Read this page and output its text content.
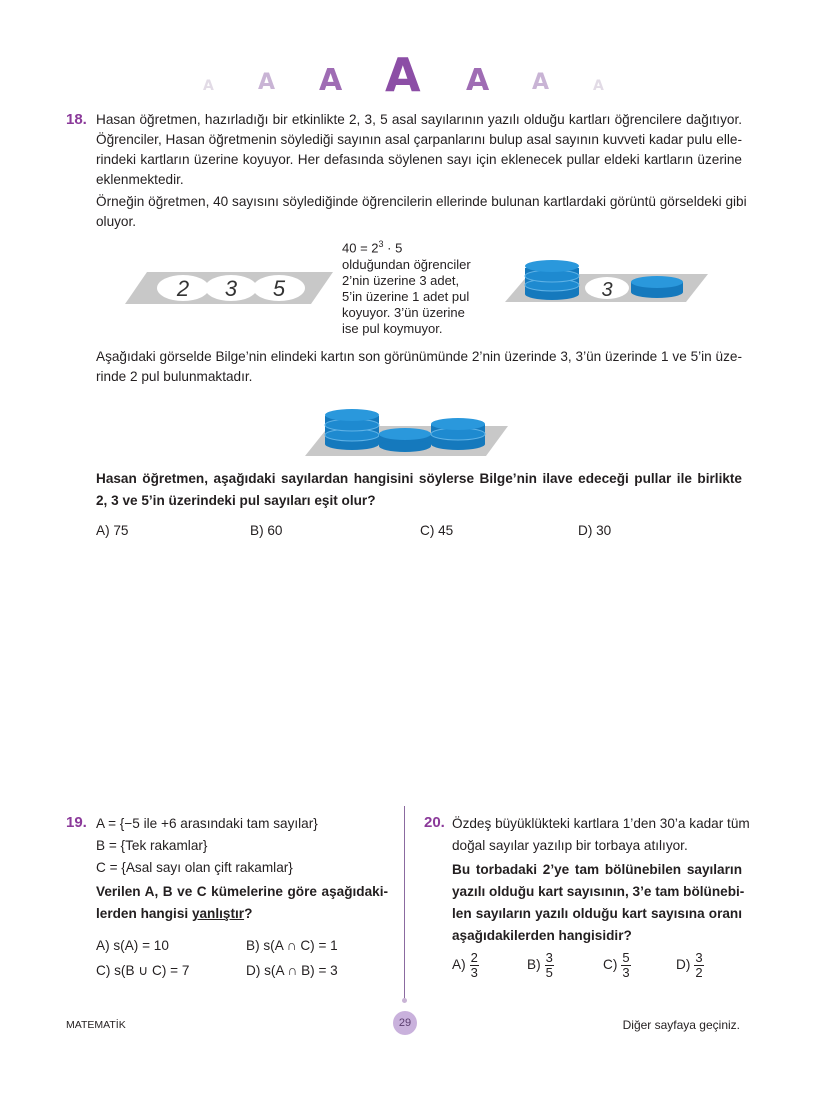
A A A A A A	A
18. Hasan öğretmen, hazırladığı bir etkinlikte 2, 3, 5 asal sayılarının yazılı olduğu kartları öğrencilere dağıtıyor.
Öğrenciler, Hasan öğretmenin söylediği sayının asal çarpanlarını bulup asal sayının kuvveti kadar pulu elle-
rindeki kartların üzerine koyuyor. Her defasında söylenen sayı için eklenecek pullar eldeki kartların üzerine
eklenmektedir.
Örneğin öğretmen, 40 sayısını söylediğinde öğrencilerin ellerinde bulunan kartlardaki görüntü görseldeki gibi
oluyor.
2 3 5
$40 = 2^3 \cdot 5$
olduğundan öğrenciler
2’nin üzerine 3 adet,
5’in üzerine 1 adet pul
koyuyor. 3’ün üzerine
ise pul koymuyor.
3
Aşağıdaki görselde Bilge’nin elindeki kartın son görünümünde 2’nin üzerinde 3, 3’ün üzerinde 1 ve 5’in üze-
rinde 2 pul bulunmaktadır.
Hasan öğretmen, aşağıdaki sayılardan hangisini söylerse Bilge’nin ilave edeceği pullar ile birlikte
2, 3 ve 5’in üzerindeki pul sayıları eşit olur?
A) 75	B) 60	C) 45	D) 30
19. A = {−5 ile +6 arasındaki tam sayılar}
B = {Tek rakamlar}
C = {Asal sayı olan çift rakamlar}
Verilen A, B ve C kümelerine göre aşağıdaki-
lerden hangisi yanlıştır?
A) s(A) = 10	B) s(A ∩ C) = 1
C) s(B ∪ C) = 7	D) s(A ∩ B) = 3
20. Özdeş büyüklükteki kartlara 1’den 30’a kadar tüm
doğal sayılar yazılıp bir torbaya atılıyor.
Bu torbadaki 2’ye tam bölünebilen sayıların
yazılı olduğu kart sayısının, 3’e tam bölünebi-
len sayıların yazılı olduğu kart sayısına oranı
aşağıdakilerden hangisidir?
$A) \frac{2}{3}$	$B) \frac{3}{5}$	$C) \frac{5}{3}$	$D) \frac{3}{2}$
MATEMATİK	29	Diğer sayfaya geçiniz.
